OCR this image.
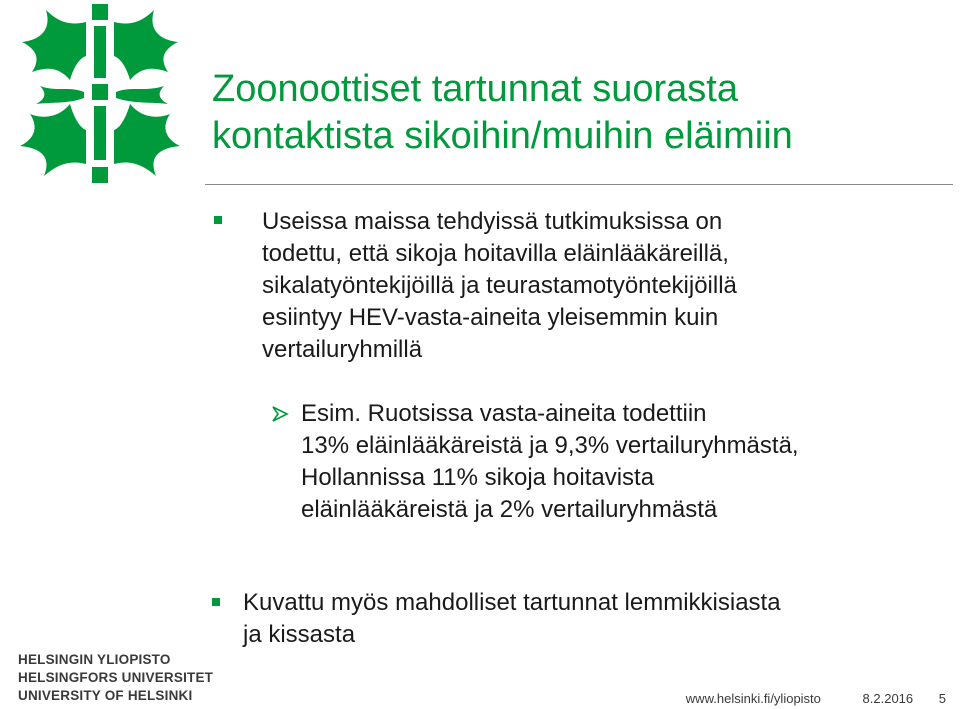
Zoonoottiset tartunnat suorasta
kontaktista sikoihin/muihin eläimiin
Useissa maissa tehdyissä tutkimuksissa on
todettu, että sikoja hoitavilla eläinlääkäreillä,
sikalatyöntekijöillä ja teurastamotyöntekijöillä
esiintyy HEV-vasta-aineita yleisemmin kuin
vertailuryhmillä
Esim. Ruotsissa vasta-aineita todettiin
13% eläinlääkäreistä ja 9,3% vertailuryhmästä,
Hollannissa 11% sikoja hoitavista
eläinlääkäreistä ja 2% vertailuryhmästä
Kuvattu myös mahdolliset tartunnat lemmikkisiasta
ja kissasta
HELSINGIN YLIOPISTO
HELSINGFORS UNIVERSITET
UNIVERSITY OF HELSINKI	www.helsinki.fi/yliopisto	8.2.2016 5
